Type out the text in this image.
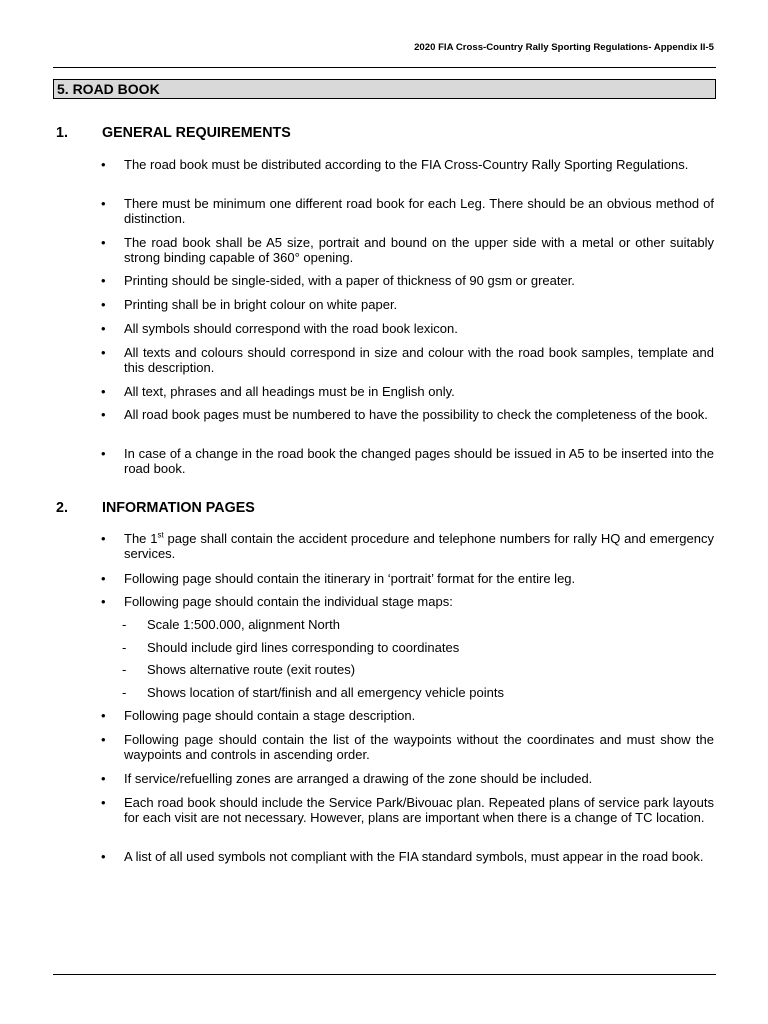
2020 FIA Cross-Country Rally Sporting Regulations- Appendix II-5
5. ROAD BOOK
1. GENERAL REQUIREMENTS
• The road book must be distributed according to the FIA Cross-Country Rally Sporting Regulations.
• There must be minimum one different road book for each Leg. There should be an obvious method of distinction.
• The road book shall be A5 size, portrait and bound on the upper side with a metal or other suitably strong binding capable of 360° opening.
• Printing should be single-sided, with a paper of thickness of 90 gsm or greater.
• Printing shall be in bright colour on white paper.
• All symbols should correspond with the road book lexicon.
• All texts and colours should correspond in size and colour with the road book samples, template and this description.
• All text, phrases and all headings must be in English only.
• All road book pages must be numbered to have the possibility to check the completeness of the book.
• In case of a change in the road book the changed pages should be issued in A5 to be inserted into the road book.
2. INFORMATION PAGES
• The 1st page shall contain the accident procedure and telephone numbers for rally HQ and emergency services.
• Following page should contain the itinerary in ‘portrait’ format for the entire leg.
• Following page should contain the individual stage maps:
- Scale 1:500.000, alignment North
- Should include gird lines corresponding to coordinates
- Shows alternative route (exit routes)
- Shows location of start/finish and all emergency vehicle points
• Following page should contain a stage description.
• Following page should contain the list of the waypoints without the coordinates and must show the waypoints and controls in ascending order.
• If service/refuelling zones are arranged a drawing of the zone should be included.
• Each road book should include the Service Park/Bivouac plan. Repeated plans of service park layouts for each visit are not necessary. However, plans are important when there is a change of TC location.
• A list of all used symbols not compliant with the FIA standard symbols, must appear in the road book.
